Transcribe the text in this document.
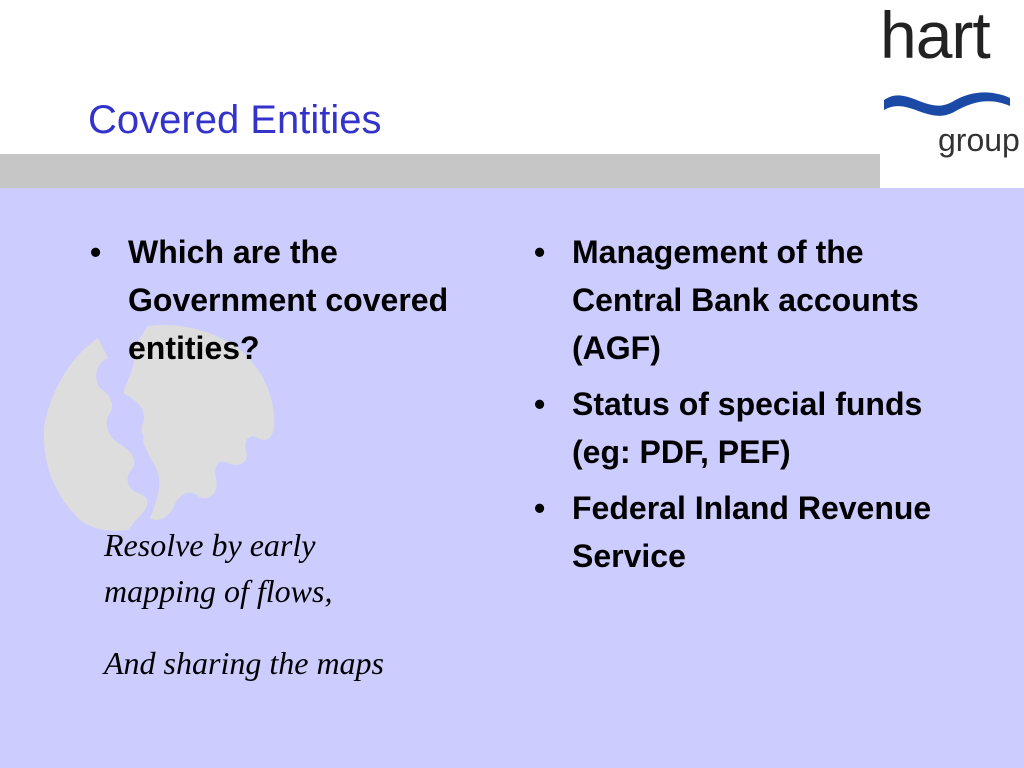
Covered Entities
hart
group
• Which are the Government covered entities?

Resolve by early mapping of flows,

And sharing the maps

• Management of the Central Bank accounts (AGF)
• Status of special funds (eg: PDF, PEF)
• Federal Inland Revenue Service
